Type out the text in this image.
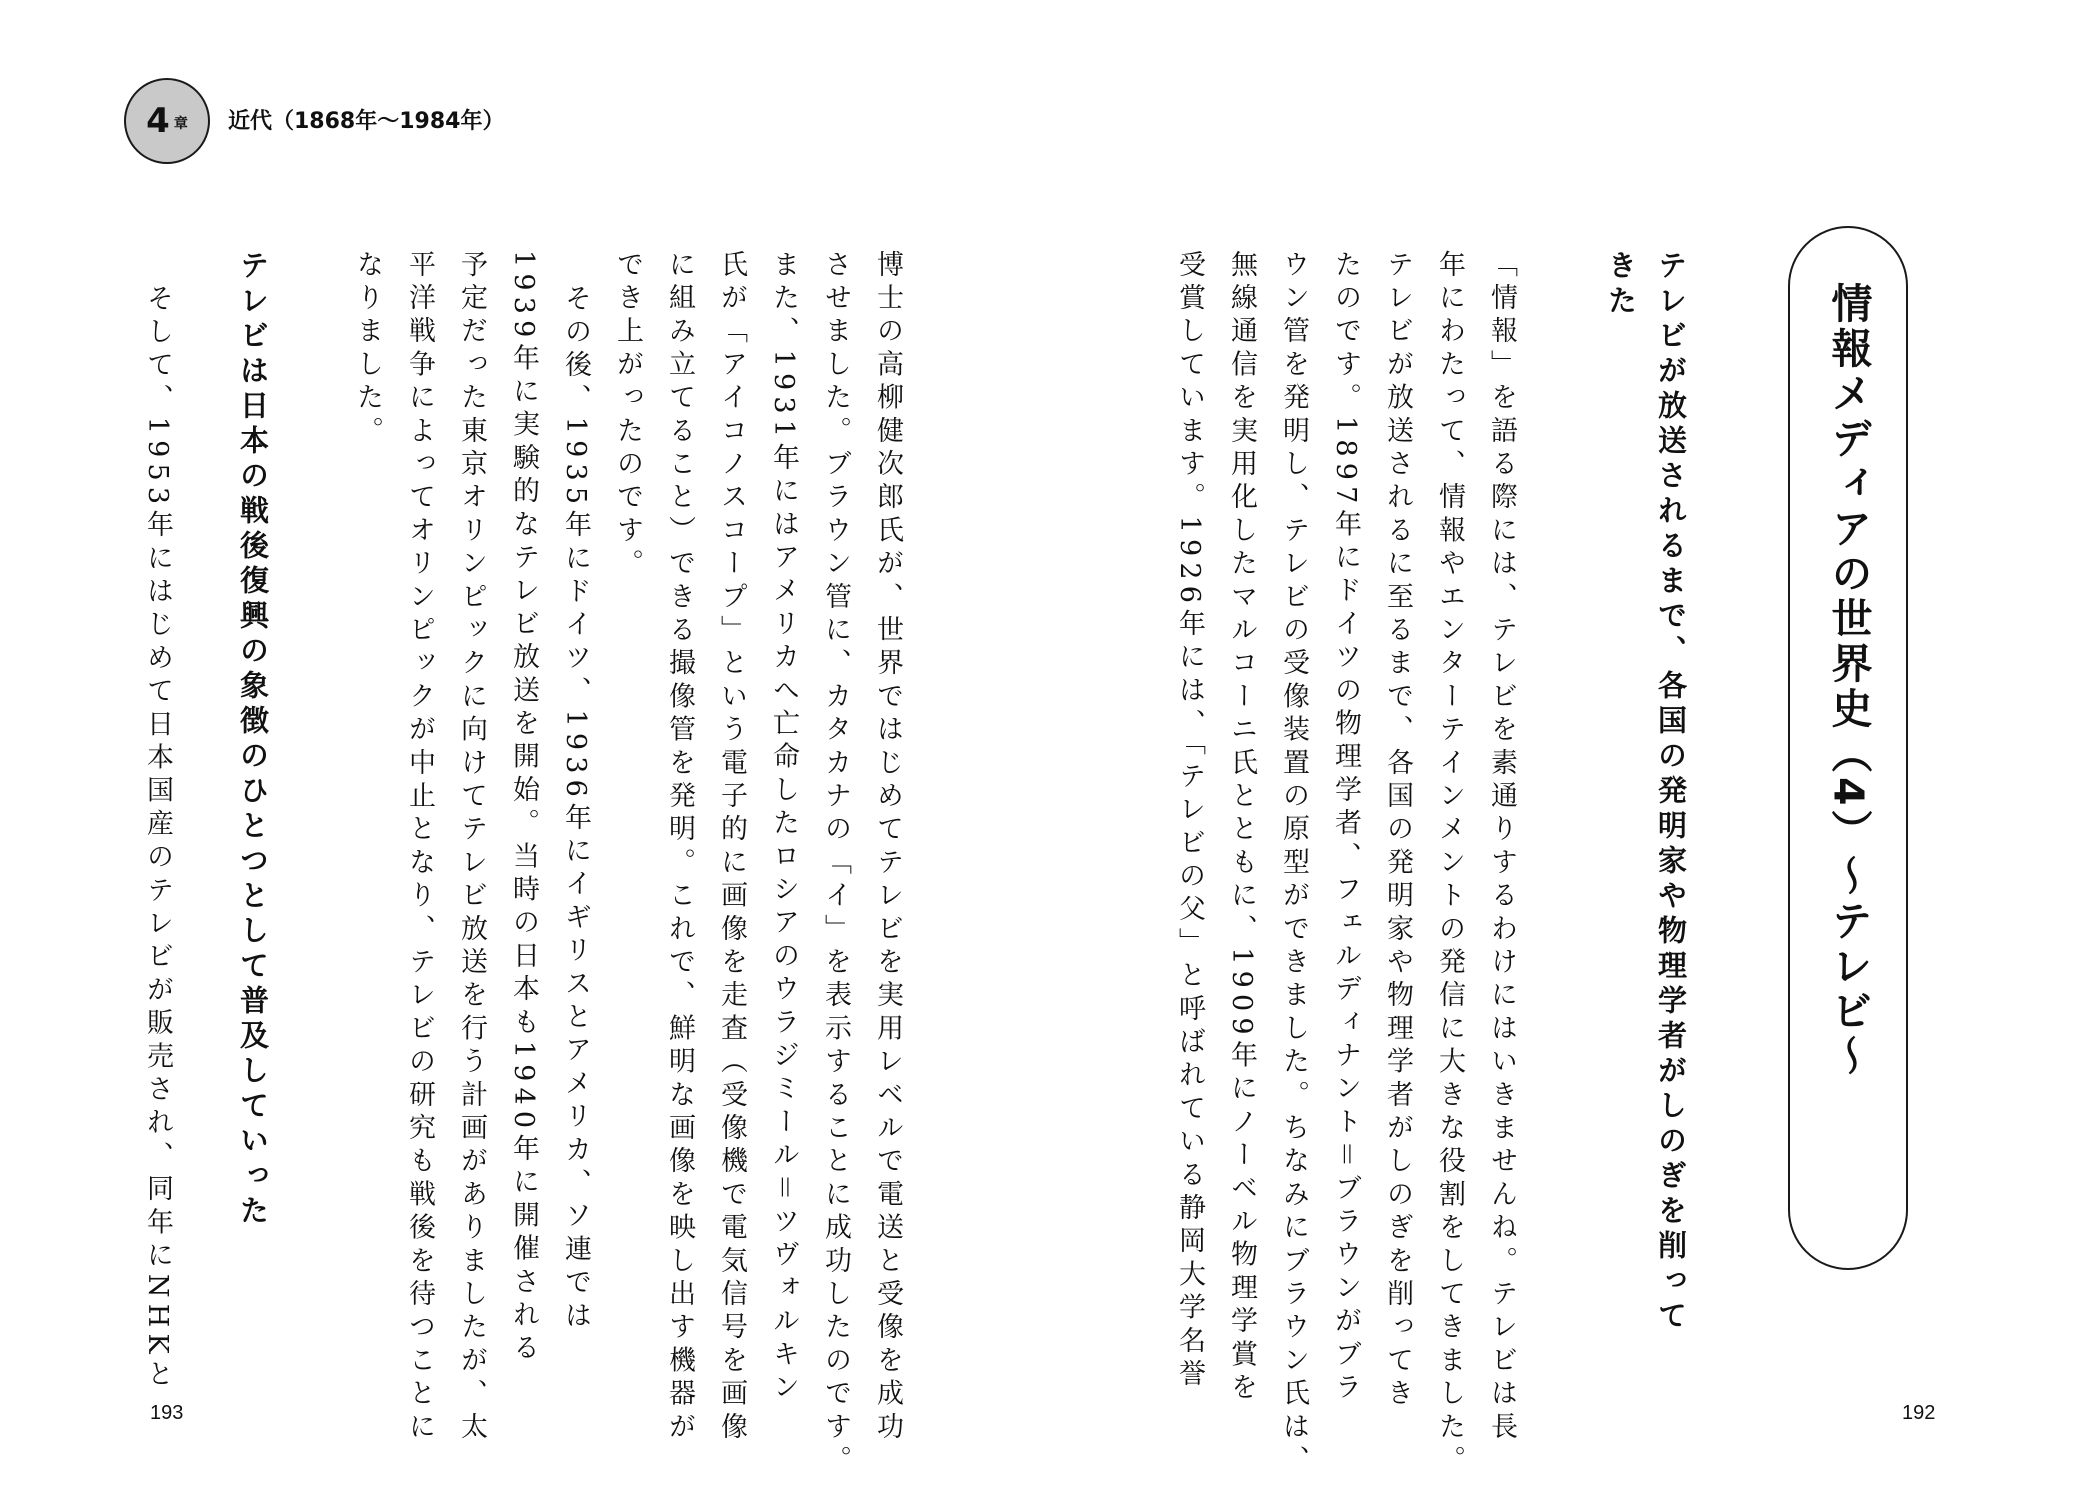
4 章 近代（1868年～1984年）
情報メディアの世界史（4）～テレビ～
テレビが放送されるまで、各国の発明家や物理学者がしのぎを削って
きた
「情報」を語る際には、テレビを素通りするわけにはいきませんね。テレビは長
年にわたって、情報やエンターテインメントの発信に大きな役割をしてきました。
テレビが放送されるに至るまで、各国の発明家や物理学者がしのぎを削ってき
たのです。1897年にドイツの物理学者、フェルディナント＝ブラウンがブラ
ウン管を発明し、テレビの受像装置の原型ができました。ちなみにブラウン氏は、
無線通信を実用化したマルコーニ氏とともに、1909年にノーベル物理学賞を
受賞しています。1926年には、「テレビの父」と呼ばれている静岡大学名誉
博士の高柳健次郎氏が、世界ではじめてテレビを実用レベルで電送と受像を成功
させました。ブラウン管に、カタカナの「イ」を表示することに成功したのです。
また、1931年にはアメリカへ亡命したロシアのウラジミール＝ツヴォルキン
氏が「アイコノスコープ」という電子的に画像を走査（受像機で電気信号を画像
に組み立てること）できる撮像管を発明。これで、鮮明な画像を映し出す機器が
でき上がったのです。
その後、1935年にドイツ、1936年にイギリスとアメリカ、ソ連では
1939年に実験的なテレビ放送を開始。当時の日本も1940年に開催される
予定だった東京オリンピックに向けてテレビ放送を行う計画がありましたが、太
平洋戦争によってオリンピックが中止となり、テレビの研究も戦後を待つことに
なりました。
テレビは日本の戦後復興の象徴のひとつとして普及していった
そして、1953年にはじめて日本国産のテレビが販売され、同年にNHKと
193	192
